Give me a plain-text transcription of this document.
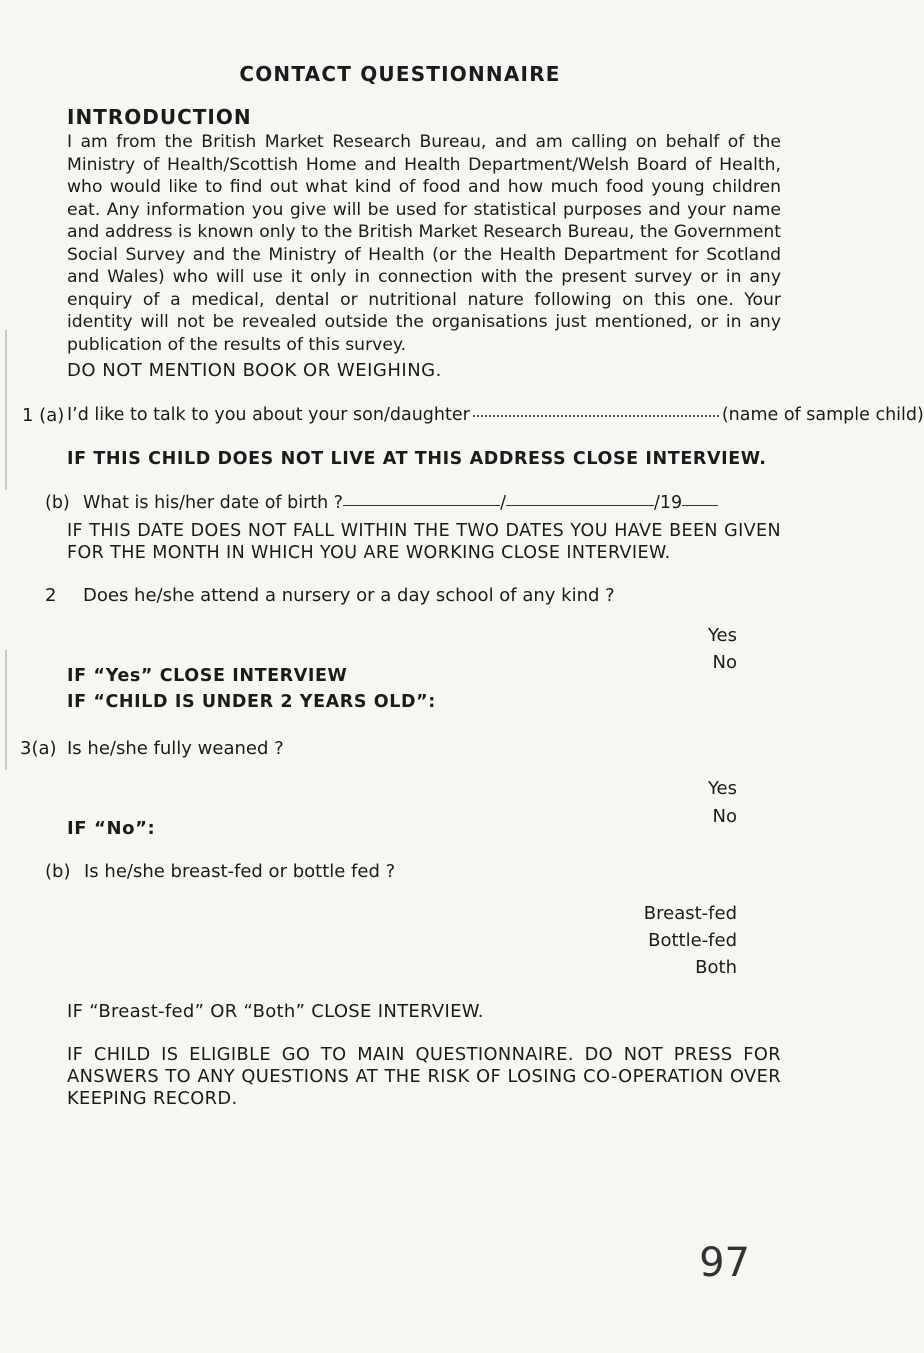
CONTACT QUESTIONNAIRE
INTRODUCTION
I am from the British Market Research Bureau, and am calling on behalf of the Ministry of Health/Scottish Home and Health Department/Welsh Board of Health, who would like to find out what kind of food and how much food young children eat. Any information you give will be used for statistical purposes and your name and address is known only to the British Market Research Bureau, the Government Social Survey and the Ministry of Health (or the Health Department for Scotland and Wales) who will use it only in connection with the present survey or in any enquiry of a medical, dental or nutritional nature following on this one. Your identity will not be revealed outside the organisations just mentioned, or in any publication of the results of this survey.
DO NOT MENTION BOOK OR WEIGHING.
1 (a) I’d like to talk to you about your son/daughter	(name of sample child)
IF THIS CHILD DOES NOT LIVE AT THIS ADDRESS CLOSE INTERVIEW.
(b) What is his/her date of birth ?	/	/19
IF THIS DATE DOES NOT FALL WITHIN THE TWO DATES YOU HAVE BEEN GIVEN FOR THE MONTH IN WHICH YOU ARE WORKING CLOSE INTERVIEW.
2 Does he/she attend a nursery or a day school of any kind ?
Yes
No
IF “Yes” CLOSE INTERVIEW
IF “CHILD IS UNDER 2 YEARS OLD”:
3(a) Is he/she fully weaned ?
Yes
No
IF “No”:
(b) Is he/she breast-fed or bottle fed ?
Breast-fed
Bottle-fed
Both
IF “Breast-fed” OR “Both” CLOSE INTERVIEW.
IF CHILD IS ELIGIBLE GO TO MAIN QUESTIONNAIRE. DO NOT PRESS FOR ANSWERS TO ANY QUESTIONS AT THE RISK OF LOSING CO-OPERATION OVER KEEPING RECORD.
97
